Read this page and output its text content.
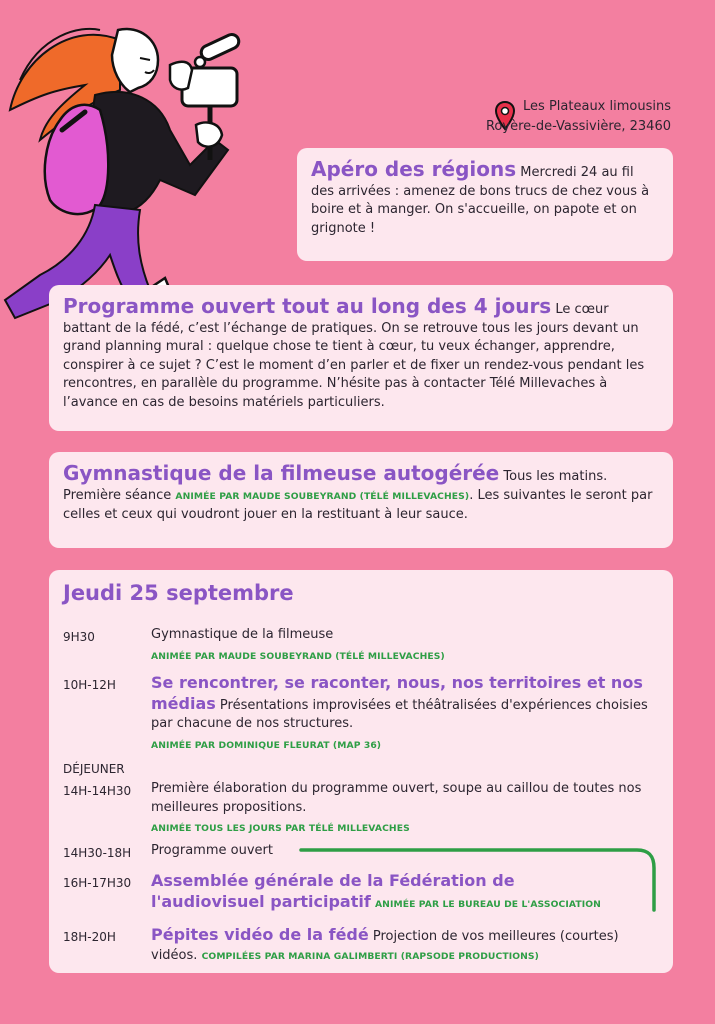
Les Plateaux limousins
Royère-de-Vassivière, 23460
Apéro des régions Mercredi 24 au fil des arrivées : amenez de bons trucs de chez vous à boire et à manger. On s'accueille, on papote et on grignote !
Programme ouvert tout au long des 4 jours Le cœur battant de la fédé, c’est l’échange de pratiques. On se retrouve tous les jours devant un grand planning mural : quelque chose te tient à cœur, tu veux échanger, apprendre, conspirer à ce sujet ? C’est le moment d’en parler et de fixer un rendez-vous pendant les rencontres, en parallèle du programme. N’hésite pas à contacter Télé Millevaches à l’avance en cas de besoins matériels particuliers.
Gymnastique de la filmeuse autogérée Tous les matins. Première séance ANIMÉE PAR MAUDE SOUBEYRAND (TÉLÉ MILLEVACHES). Les suivantes le seront par celles et ceux qui voudront jouer en la restituant à leur sauce.
Jeudi 25 septembre
9H30	Gymnastique de la filmeuse
ANIMÉE PAR MAUDE SOUBEYRAND (TÉLÉ MILLEVACHES)
10H-12H	Se rencontrer, se raconter, nous, nos territoires et nos médias Présentations improvisées et théâtralisées d'expériences choisies par chacune de nos structures.
ANIMÉE PAR DOMINIQUE FLEURAT (MAP 36)
DÉJEUNER
14H-14H30	Première élaboration du programme ouvert, soupe au caillou de toutes nos meilleures propositions.
ANIMÉE TOUS LES JOURS PAR TÉLÉ MILLEVACHES
14H30-18H	Programme ouvert
16H-17H30	Assemblée générale de la Fédération de l'audiovisuel participatif ANIMÉE PAR LE BUREAU DE L'ASSOCIATION
18H-20H	Pépites vidéo de la fédé Projection de vos meilleures (courtes) vidéos. COMPILÉES PAR MARINA GALIMBERTI (RAPSODE PRODUCTIONS)
